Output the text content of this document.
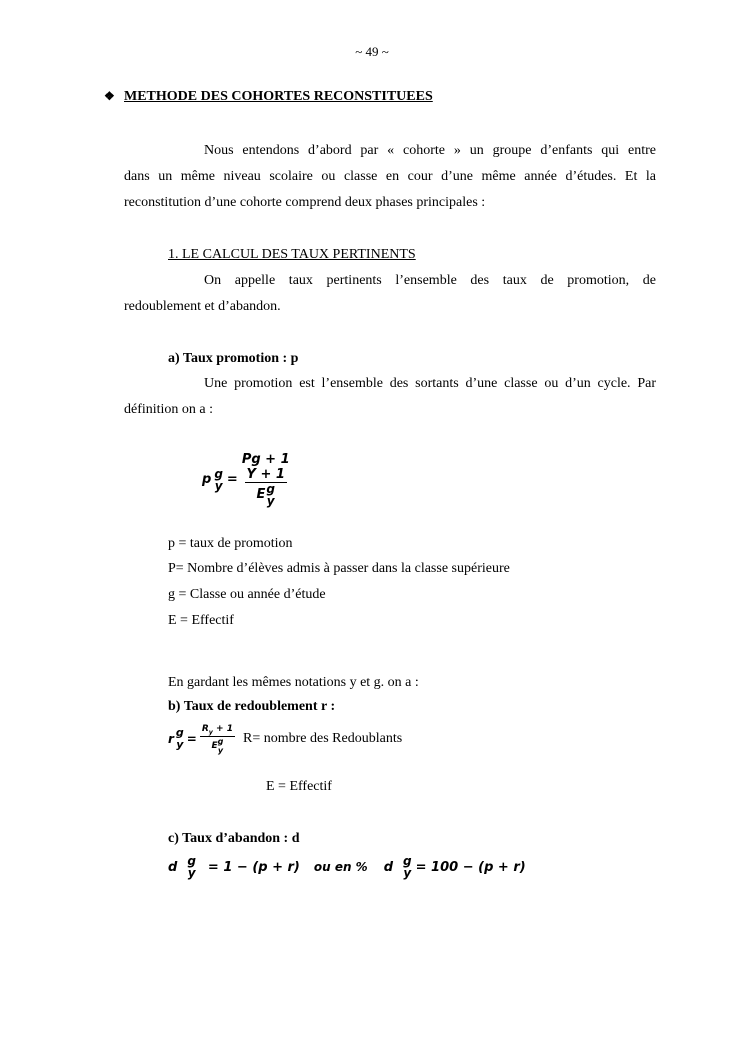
~ 49 ~
❖ METHODE DES COHORTES RECONSTITUEES
Nous entendons d’abord par « cohorte » un groupe d’enfants qui entre
dans un même niveau scolaire ou classe en cour d’une même année d’études. Et la
reconstitution d’une cohorte comprend deux phases principales :
1. LE CALCUL DES TAUX PERTINENTS
On appelle taux pertinents l’ensemble des taux de promotion, de
redoublement et d’abandon.
a) Taux promotion : p
Une promotion est l’ensemble des sortants d’une classe ou d’un cycle. Par
définition on a :
p g
y =
Pg + 1
Y + 1
E g
y
p = taux de promotion
P= Nombre d’élèves admis à passer dans la classe supérieure
g = Classe ou année d’étude
E = Effectif
En gardant les mêmes notations y et g. on a :
b) Taux de redoublement r :
r g
$y = R_y + 1$
E g
y R= nombre des Redoublants
E = Effectif
c) Taux d’abandon : d
d g
y = 1 − (p + r) ou en % d g
y = 100 − (p + r)
